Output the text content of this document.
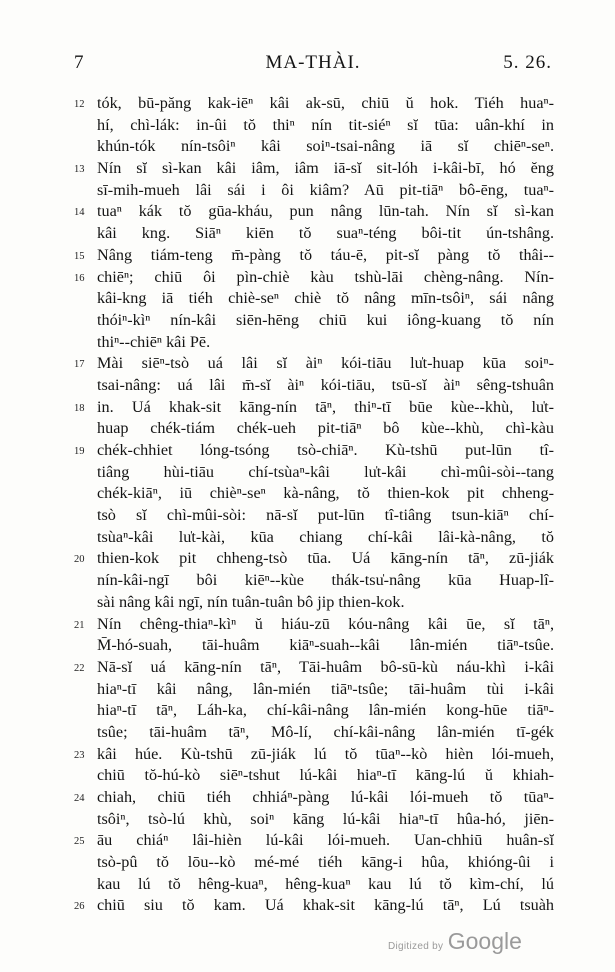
7	MA-THÀI.	5. 26.
12 tók, bū-păng kak-iēⁿ kâi ak-sū, chiū ŭ hok. Tiéh huaⁿ-
hí, chì-lák: in-ûi tŏ thiⁿ nín tit-siéⁿ sĭ tūa: uân-khí in
khún-tók nín-tsôiⁿ kâi soiⁿ-tsai-nâng iā sĭ chiēⁿ-seⁿ.
13 Nín sĭ sì-kan kâi iâm, iâm iā-sĭ sit-lóh i-kâi-bī, hó ĕng
sī-mih-mueh lâi sái i ôi kiâm? Aū pit-tiāⁿ bô-ēng, tuaⁿ-
14 tuaⁿ kák tŏ gūa-kháu, pun nâng lūn-tah. Nín sĭ sì-kan
kâi kng. Siāⁿ kiēn tŏ suaⁿ-téng bôi-tit ún-tshâng.
15 Nâng tiám-teng m̄-pàng tŏ táu-ē, pit-sĭ pàng tŏ thâi--
16 chiēⁿ; chiū ôi pìn-chiè kàu tshù-lāi chèng-nâng. Nín-
kâi-kng iā tiéh chiè-seⁿ chiè tŏ nâng mīn-tsôiⁿ, sái nâng
thóiⁿ-kìⁿ nín-kâi siēn-hēng chiū kui iông-kuang tŏ nín
thiⁿ--chiēⁿ kâi Pē.
17 Mài siēⁿ-tsò uá lâi sĭ àiⁿ kói-tiāu lu̍t-huap kūa soiⁿ-
tsai-nâng: uá lâi m̄-sĭ àiⁿ kói-tiāu, tsū-sĭ àiⁿ sêng-tshuân
18 in. Uá khak-sit kāng-nín tāⁿ, thiⁿ-tī būe kùe--khù, lu̍t-
huap chék-tiám chék-ueh pit-tiāⁿ bô kùe--khù, chì-kàu
19 chék-chhiet lóng-tsóng tsò-chiāⁿ. Kù-tshū put-lūn tî-
tiâng hùi-tiāu chí-tsùaⁿ-kâi lu̍t-kâi chì-mûi-sòi--tang
chék-kiāⁿ, iū chièⁿ-seⁿ kà-nâng, tŏ thien-kok pit chheng-
tsò sĭ chì-mûi-sòi: nā-sĭ put-lūn tî-tiâng tsun-kiāⁿ chí-
tsùaⁿ-kâi lu̍t-kài, kūa chiang chí-kâi lâi-kà-nâng, tŏ
20 thien-kok pit chheng-tsò tūa. Uá kāng-nín tāⁿ, zū-jiák
nín-kâi-ngī bôi kiēⁿ--kùe thák-tsu̍-nâng kūa Huap-lî-
sài nâng kâi ngī, nín tuân-tuân bô jip thien-kok.
21 Nín chêng-thiaⁿ-kìⁿ ŭ hiáu-zū kóu-nâng kâi ūe, sĭ tāⁿ,
M̄-hó-suah, tāi-huâm kiāⁿ-suah--kâi lân-mién tiāⁿ-tsûe.
22 Nā-sĭ uá kāng-nín tāⁿ, Tāi-huâm bô-sū-kù náu-khì i-kâi
hiaⁿ-tī kâi nâng, lân-mién tiāⁿ-tsûe; tāi-huâm tùi i-kâi
hiaⁿ-tī tāⁿ, Láh-ka, chí-kâi-nâng lân-mién kong-hūe tiāⁿ-
tsûe; tāi-huâm tāⁿ, Mô-lí, chí-kâi-nâng lân-mién tī-gék
23 kâi húe. Kù-tshū zū-jiák lú tŏ tūaⁿ--kò hièn lói-mueh,
chiū tŏ-hú-kò siēⁿ-tshut lú-kâi hiaⁿ-tī kāng-lú ŭ khiah-
24 chiah, chiū tiéh chhiáⁿ-pàng lú-kâi lói-mueh tŏ tūaⁿ-
tsôiⁿ, tsò-lú khù, soiⁿ kāng lú-kâi hiaⁿ-tī hûa-hó, jiēn-
25 āu chiáⁿ lâi-hièn lú-kâi lói-mueh. Uan-chhiū huân-sĭ
tsò-pû tŏ lōu--kò mé-mé tiéh kāng-i hûa, khióng-ûi i
kau lú tŏ hêng-kuaⁿ, hêng-kuaⁿ kau lú tŏ kìm-chí, lú
26 chiū siu tŏ kam. Uá khak-sit kāng-lú tāⁿ, Lú tsuàh
Digitized by Google
